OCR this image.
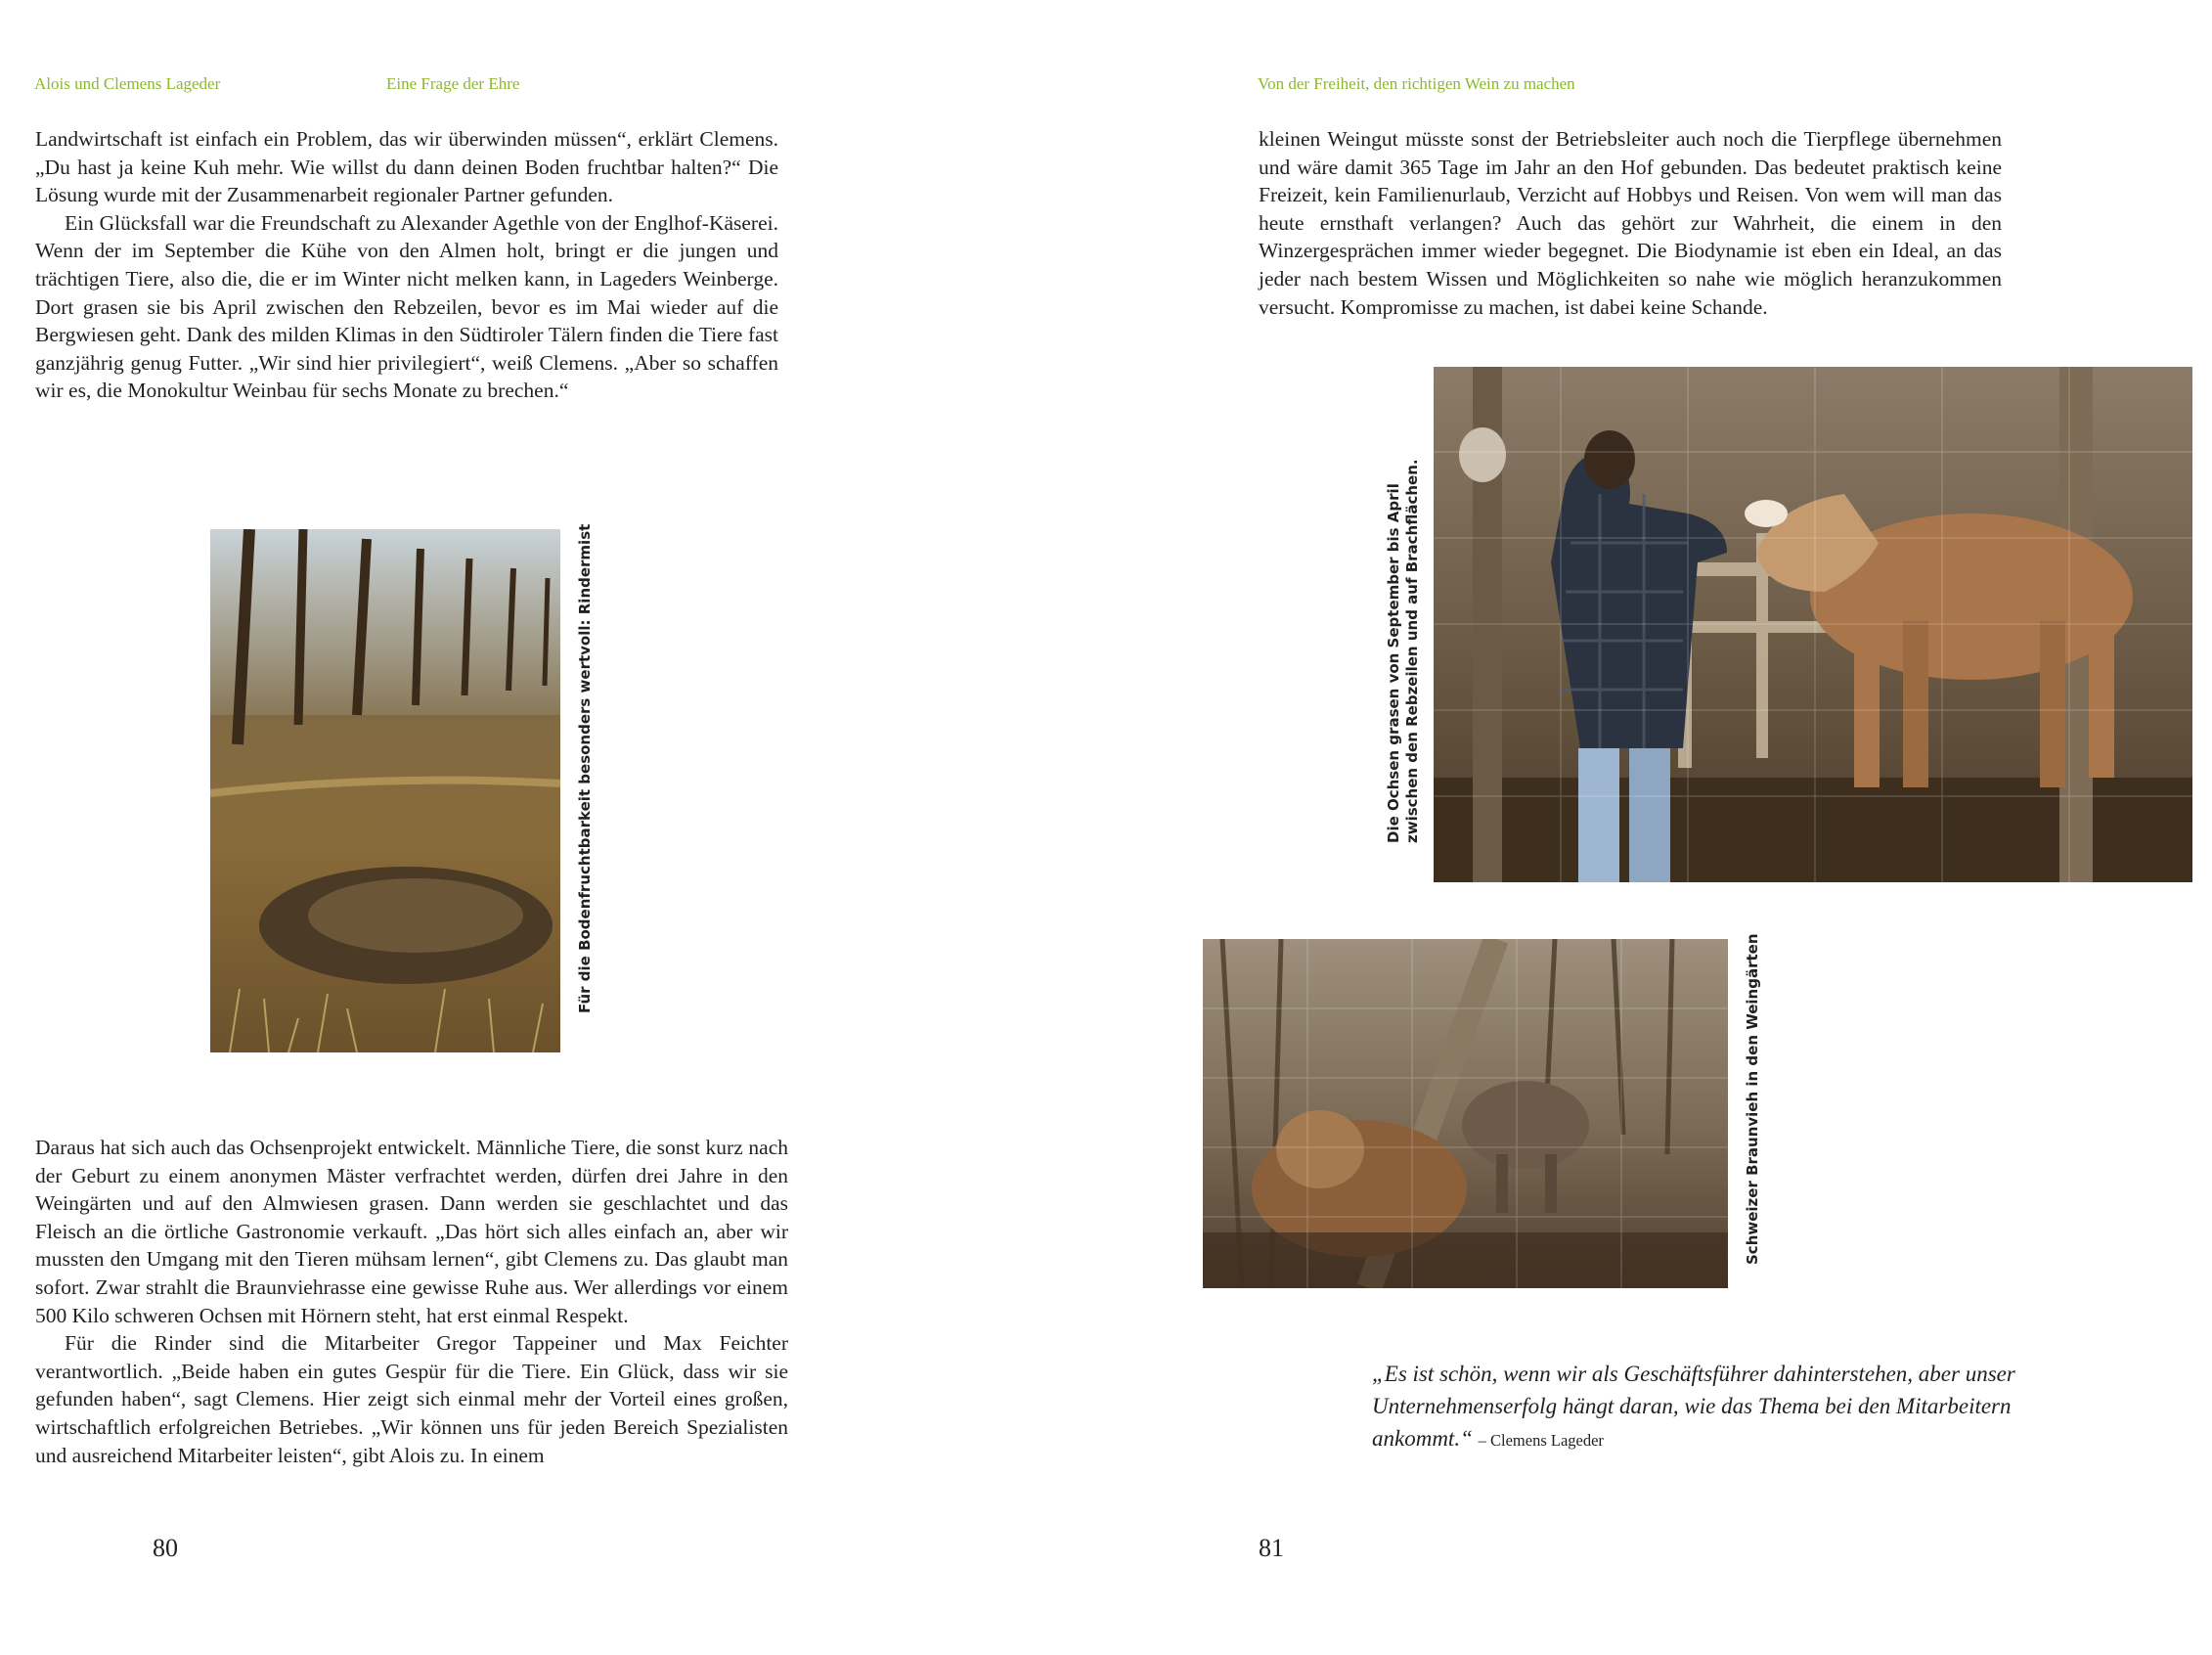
Alois und Clemens Lageder	Eine Frage der Ehre

Landwirtschaft ist einfach ein Problem, das wir überwinden müssen“, erklärt Clemens. „Du hast ja keine Kuh mehr. Wie willst du dann deinen Boden fruchtbar halten?“ Die Lösung wurde mit der Zusammenarbeit regionaler Partner gefunden.

Ein Glücksfall war die Freundschaft zu Alexander Agethle von der Englhof-Käserei. Wenn der im September die Kühe von den Almen holt, bringt er die jungen und trächtigen Tiere, also die, die er im Winter nicht melken kann, in Lageders Weinberge. Dort grasen sie bis April zwischen den Rebzeilen, bevor es im Mai wieder auf die Bergwiesen geht. Dank des milden Klimas in den Südtiroler Tälern finden die Tiere fast ganzjährig genug Futter. „Wir sind hier privilegiert“, weiß Clemens. „Aber so schaffen wir es, die Monokultur Weinbau für sechs Monate zu brechen.“

Für die Bodenfruchtbarkeit besonders wertvoll: Rindermist

Daraus hat sich auch das Ochsenprojekt entwickelt. Männliche Tiere, die sonst kurz nach der Geburt zu einem anonymen Mäster verfrachtet werden, dürfen drei Jahre in den Weingärten und auf den Almwiesen grasen. Dann werden sie geschlachtet und das Fleisch an die örtliche Gastronomie verkauft. „Das hört sich alles einfach an, aber wir mussten den Umgang mit den Tieren mühsam lernen“, gibt Clemens zu. Das glaubt man sofort. Zwar strahlt die Braunviehrasse eine gewisse Ruhe aus. Wer allerdings vor einem 500 Kilo schweren Ochsen mit Hörnern steht, hat erst einmal Respekt.

Für die Rinder sind die Mitarbeiter Gregor Tappeiner und Max Feichter verantwortlich. „Beide haben ein gutes Gespür für die Tiere. Ein Glück, dass wir sie gefunden haben“, sagt Clemens. Hier zeigt sich einmal mehr der Vorteil eines großen, wirtschaftlich erfolgreichen Betriebes. „Wir können uns für jeden Bereich Spezialisten und ausreichend Mitarbeiter leisten“, gibt Alois zu. In einem

80
Von der Freiheit, den richtigen Wein zu machen

kleinen Weingut müsste sonst der Betriebsleiter auch noch die Tierpflege übernehmen und wäre damit 365 Tage im Jahr an den Hof gebunden. Das bedeutet praktisch keine Freizeit, kein Familienurlaub, Verzicht auf Hobbys und Reisen. Von wem will man das heute ernsthaft verlangen? Auch das gehört zur Wahrheit, die einem in den Winzergesprächen immer wieder begegnet. Die Biodynamie ist eben ein Ideal, an das jeder nach bestem Wissen und Möglichkeiten so nahe wie möglich heranzukommen versucht. Kompromisse zu machen, ist dabei keine Schande.

Die Ochsen grasen von September bis April zwischen den Rebzeilen und auf Brachflächen.
Schweizer Braunvieh in den Weingärten
81
„Es ist schön, wenn wir als Geschäftsführer dahinterstehen, aber unser Unternehmenserfolg hängt daran, wie das Thema bei den Mitarbeitern ankommt.“ – Clemens Lageder
